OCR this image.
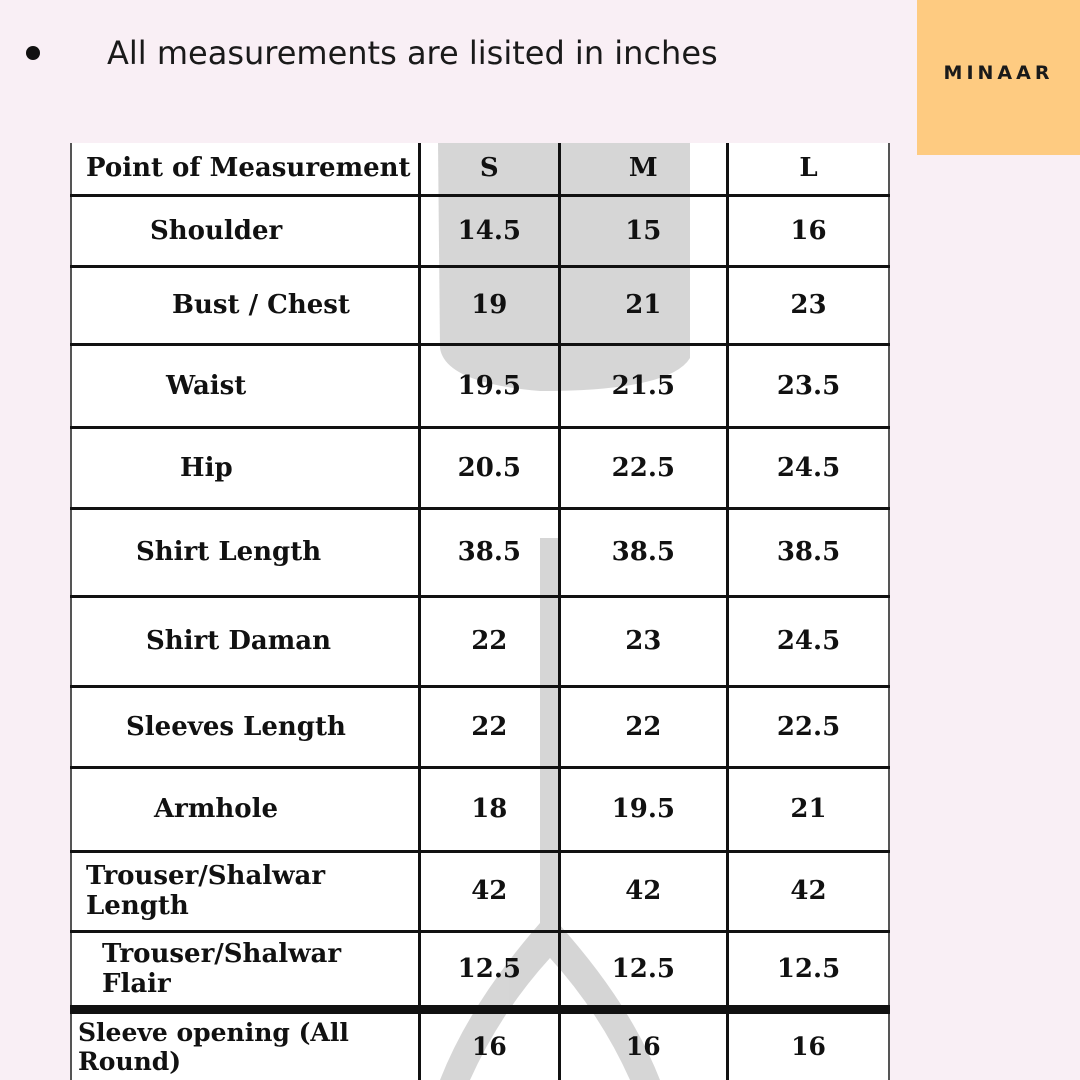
All measurements are lisited in inches
MINAAR
Point of Measurement	S	M	L
Shoulder	14.5	15	16
Bust / Chest	19	21	23
Waist	19.5	21.5	23.5
Hip	20.5	22.5	24.5
Shirt Length	38.5	38.5	38.5
Shirt Daman	22	23	24.5
Sleeves Length	22	22	22.5
Armhole	18	19.5	21
Trouser/Shalwar Length	42	42	42
Trouser/Shalwar Flair	12.5	12.5	12.5
Sleeve opening (All Round)	16	16	16
